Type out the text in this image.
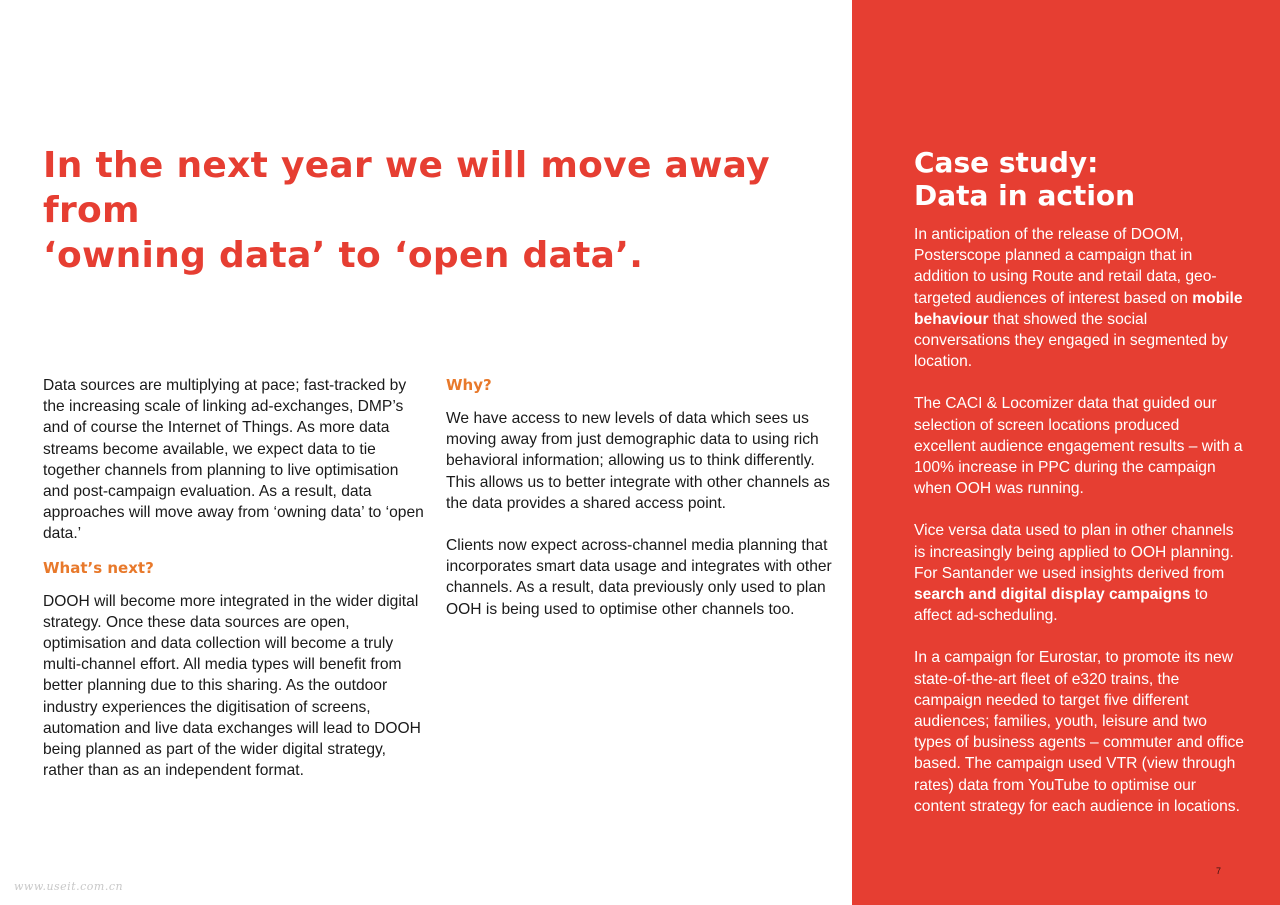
In the next year we will move away from
‘owning data’ to ‘open data’.

Data sources are multiplying at pace; fast-tracked by the increasing scale of linking ad-exchanges, DMP’s and of course the Internet of Things. As more data streams become available, we expect data to tie together channels from planning to live optimisation and post-campaign evaluation. As a result, data approaches will move away from ‘owning data’ to ‘open data.’

What’s next?

DOOH will become more integrated in the wider digital strategy. Once these data sources are open, optimisation and data collection will become a truly multi-channel effort. All media types will benefit from better planning due to this sharing. As the outdoor industry experiences the digitisation of screens, automation and live data exchanges will lead to DOOH being planned as part of the wider digital strategy, rather than as an independent format.

Why?

We have access to new levels of data which sees us moving away from just demographic data to using rich behavioral information; allowing us to think differently. This allows us to better integrate with other channels as the data provides a shared access point.

Clients now expect across-channel media planning that incorporates smart data usage and integrates with other channels. As a result, data previously only used to plan OOH is being used to optimise other channels too.

Case study:
Data in action

In anticipation of the release of DOOM, Posterscope planned a campaign that in addition to using Route and retail data, geo-targeted audiences of interest based on mobile behaviour that showed the social conversations they engaged in segmented by location.

The CACI & Locomizer data that guided our selection of screen locations produced excellent audience engagement results – with a 100% increase in PPC during the campaign when OOH was running.

Vice versa data used to plan in other channels is increasingly being applied to OOH planning. For Santander we used insights derived from search and digital display campaigns to affect ad-scheduling.

In a campaign for Eurostar, to promote its new state-of-the-art fleet of e320 trains, the campaign needed to target five different audiences; families, youth, leisure and two types of business agents – commuter and office based. The campaign used VTR (view through rates) data from YouTube to optimise our content strategy for each audience in locations.

7
www.useit.com.cn
